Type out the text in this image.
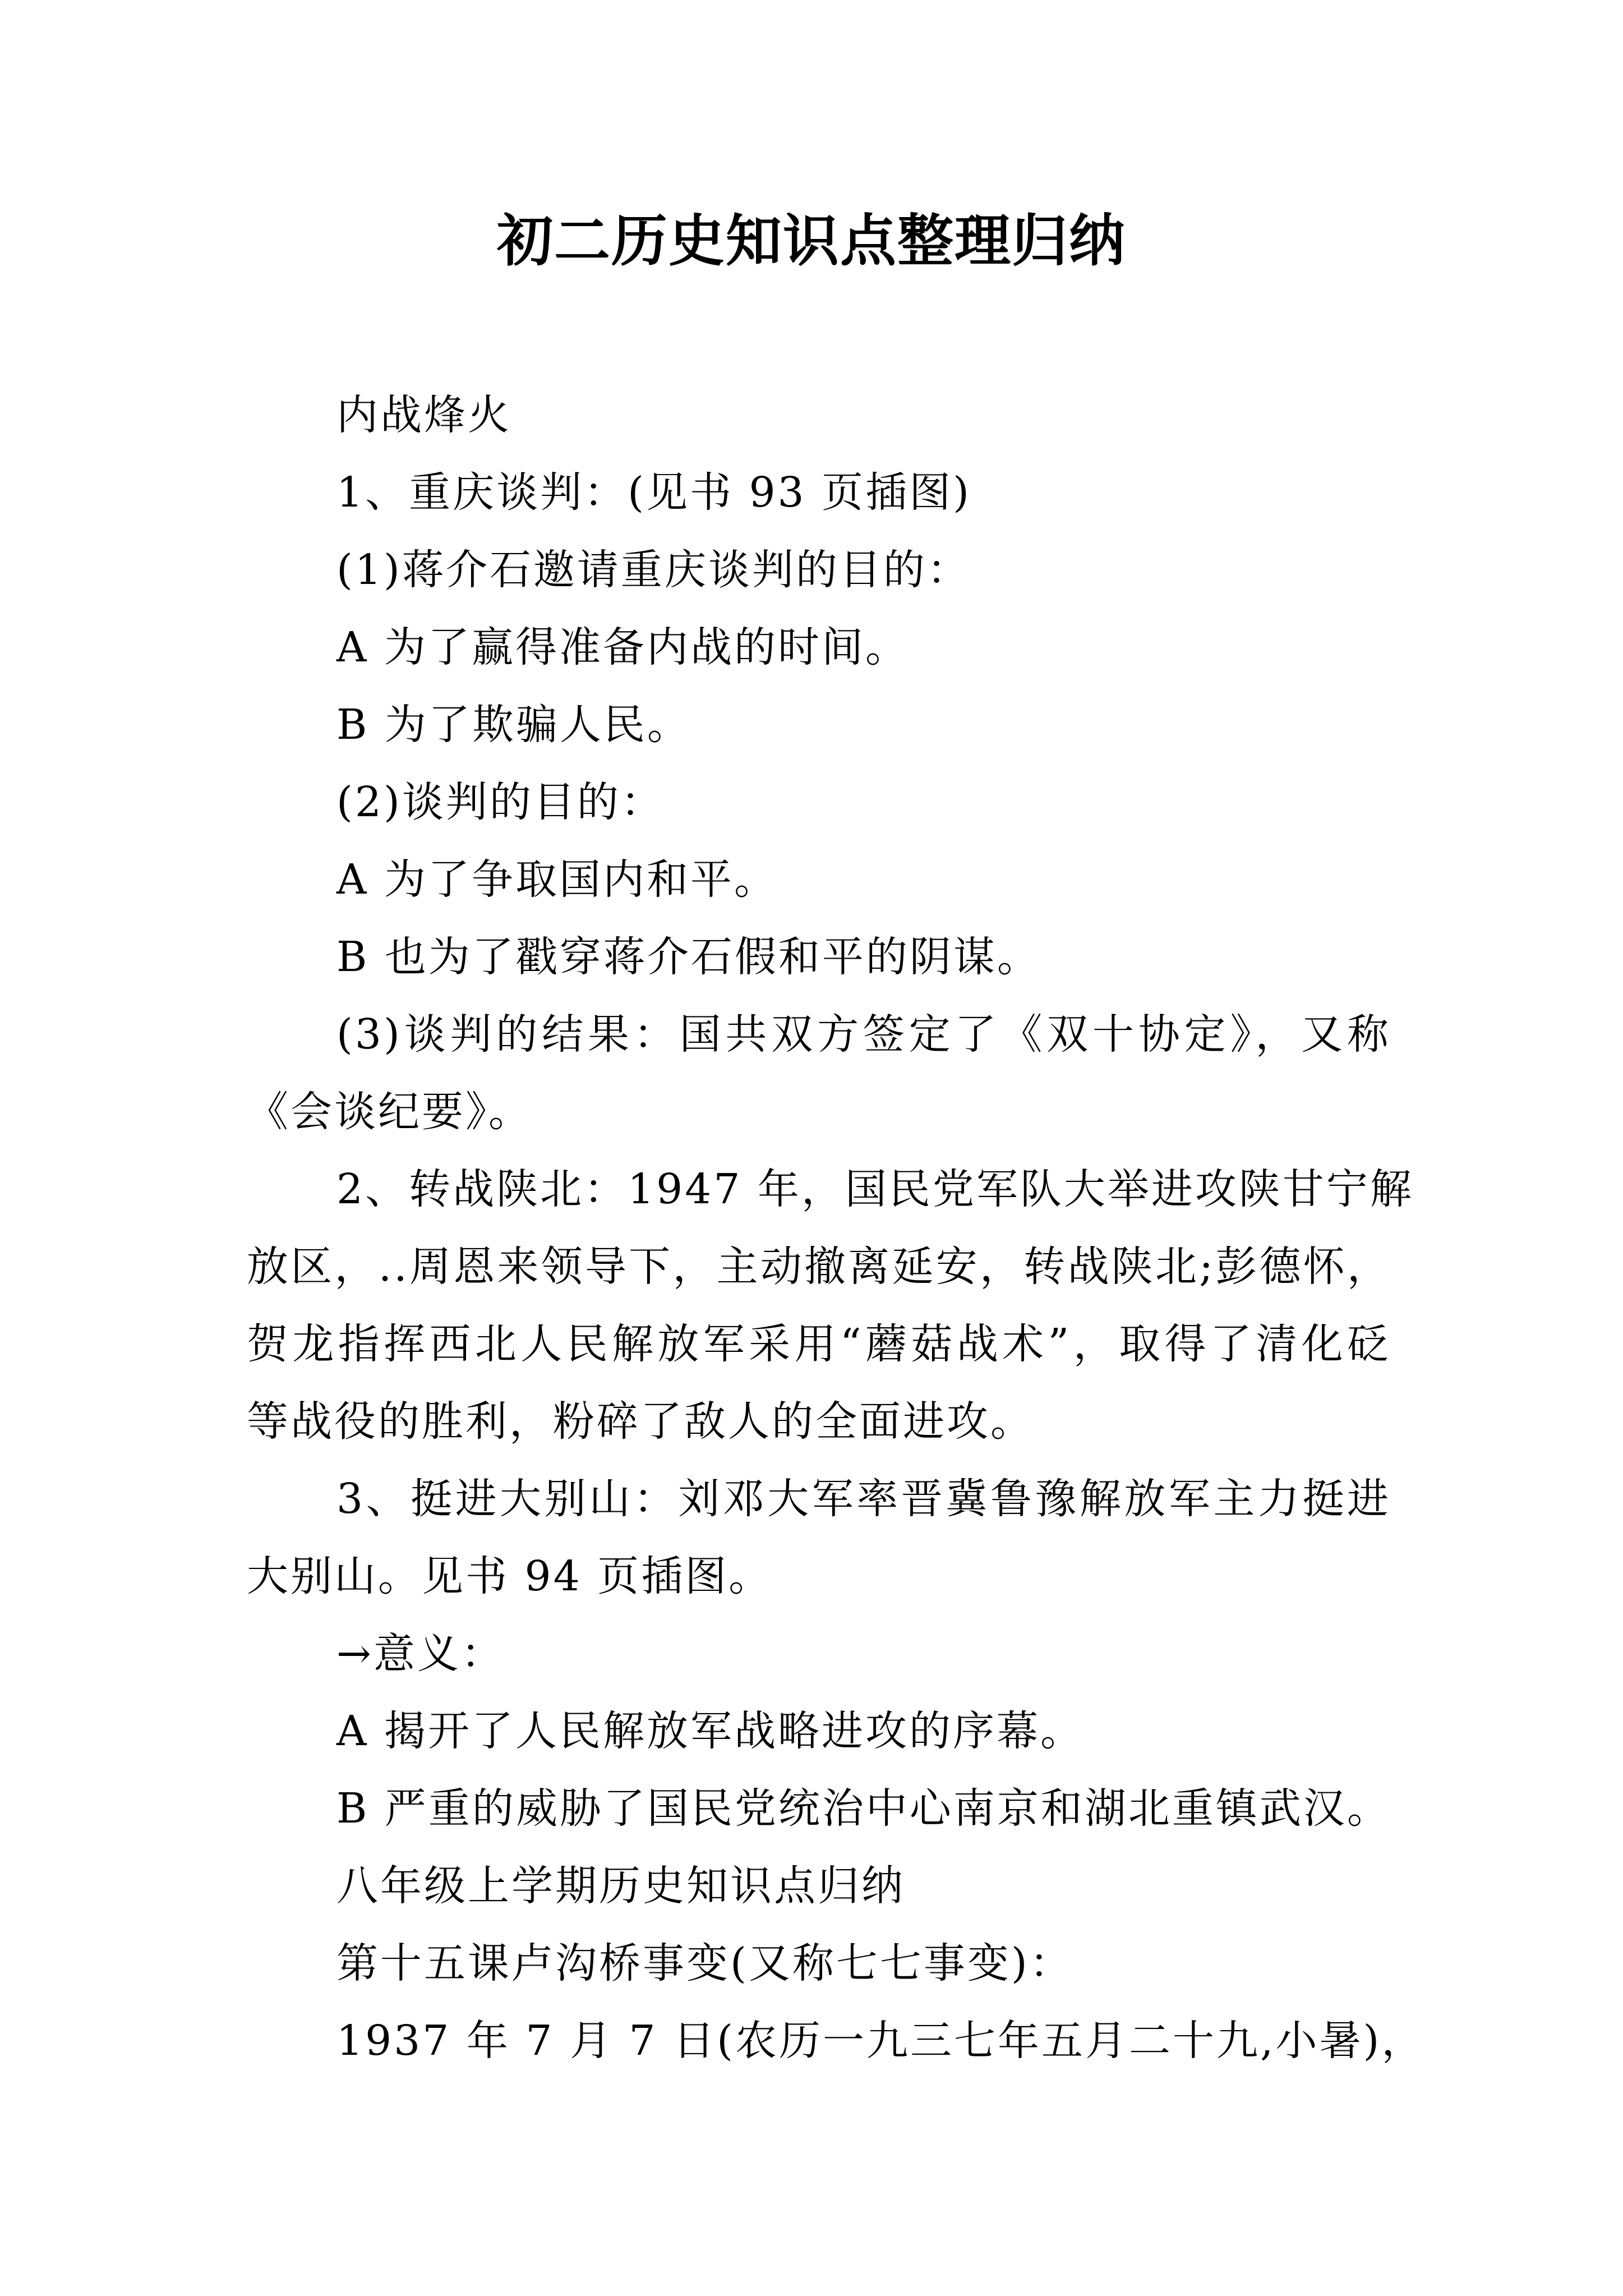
初二历史知识点整理归纳
内战烽火
1、重庆谈判：(见书 93 页插图)
(1)蒋介石邀请重庆谈判的目的：
A 为了赢得准备内战的时间。
B 为了欺骗人民。
(2)谈判的目的：
A 为了争取国内和平。
B 也为了戳穿蒋介石假和平的阴谋。
(3)谈判的结果：国共双方签定了《双十协定》，又称
《会谈纪要》。
2、转战陕北：1947 年，国民党军队大举进攻陕甘宁解
放区，..周恩来领导下，主动撤离延安，转战陕北;彭德怀，
贺龙指挥西北人民解放军采用“蘑菇战术”，取得了清化砭
等战役的胜利，粉碎了敌人的全面进攻。
3、挺进大别山：刘邓大军率晋冀鲁豫解放军主力挺进
大别山。见书 94 页插图。
→意义：
A 揭开了人民解放军战略进攻的序幕。
B 严重的威胁了国民党统治中心南京和湖北重镇武汉。
八年级上学期历史知识点归纳
第十五课卢沟桥事变(又称七七事变)：
1937 年 7 月 7 日(农历一九三七年五月二十九,小暑)，
